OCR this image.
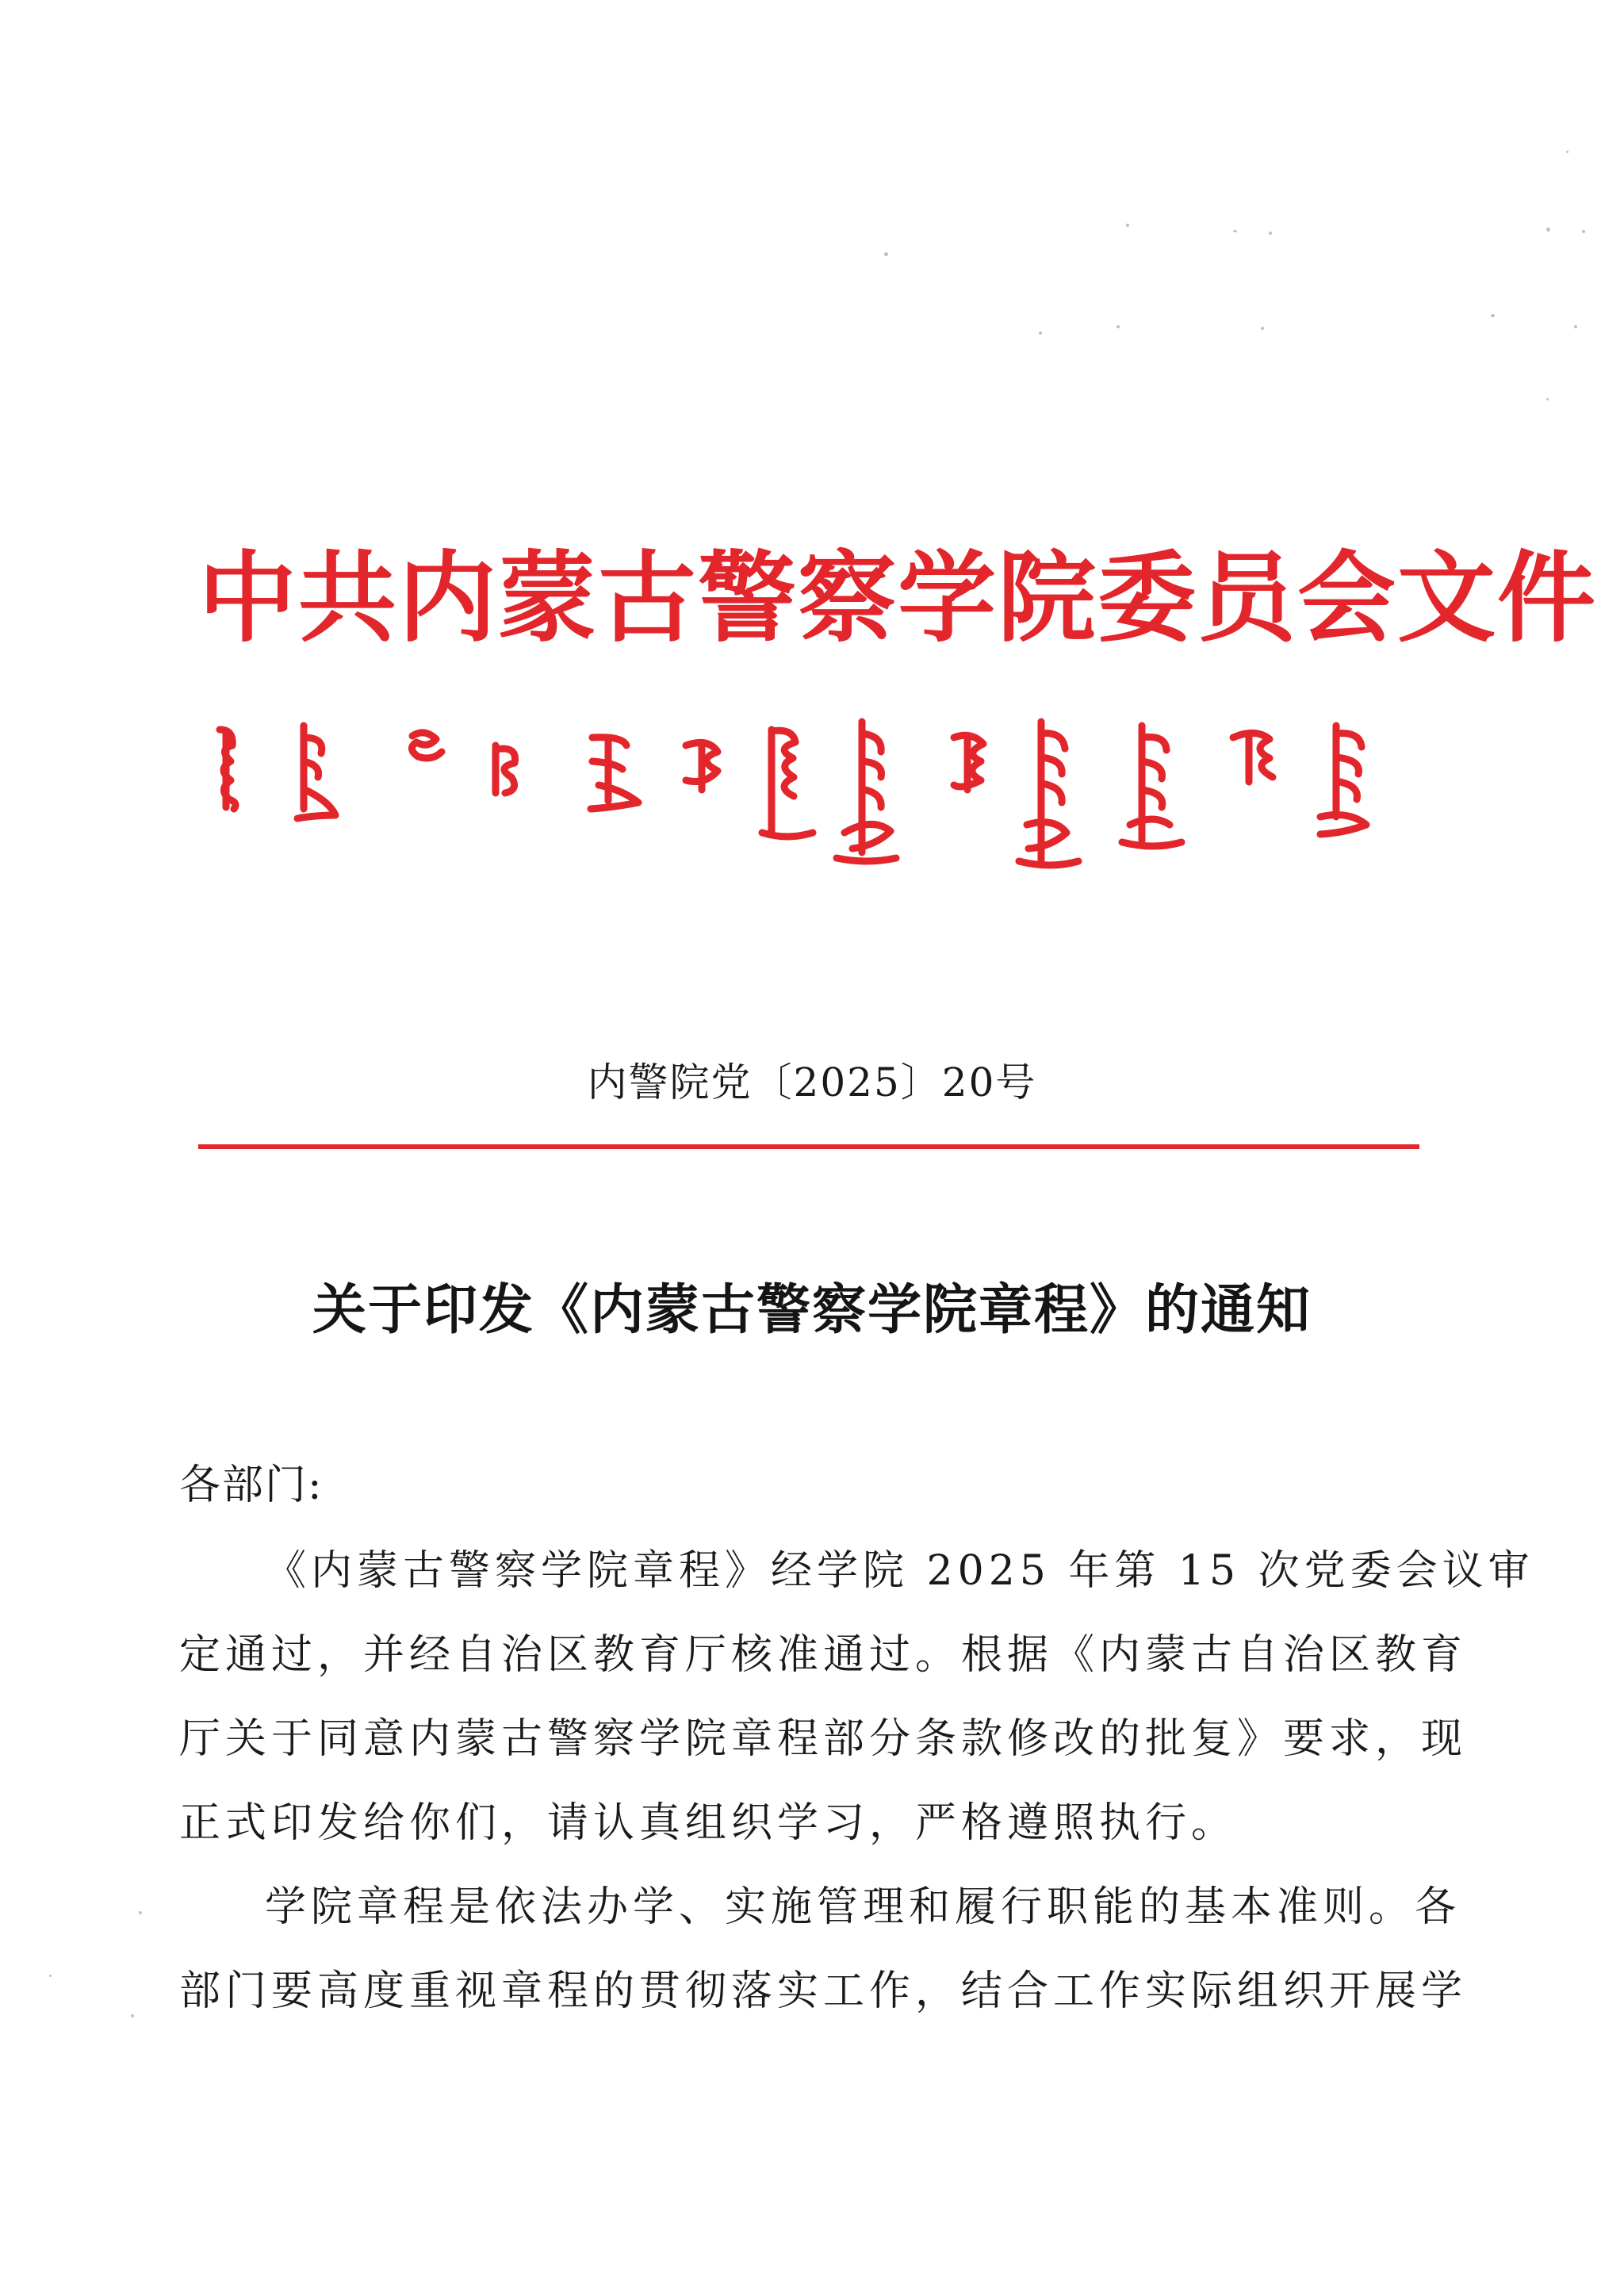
中共内蒙古警察学院委员会文件
内警院党〔2025〕20号
关于印发《内蒙古警察学院章程》的通知
各部门:
《内蒙古警察学院章程》经学院 2025 年第 15 次党委会议审
定通过，并经自治区教育厅核准通过。根据《内蒙古自治区教育
厅关于同意内蒙古警察学院章程部分条款修改的批复》要求，现
正式印发给你们，请认真组织学习，严格遵照执行。
学院章程是依法办学、实施管理和履行职能的基本准则。各
部门要高度重视章程的贯彻落实工作，结合工作实际组织开展学
